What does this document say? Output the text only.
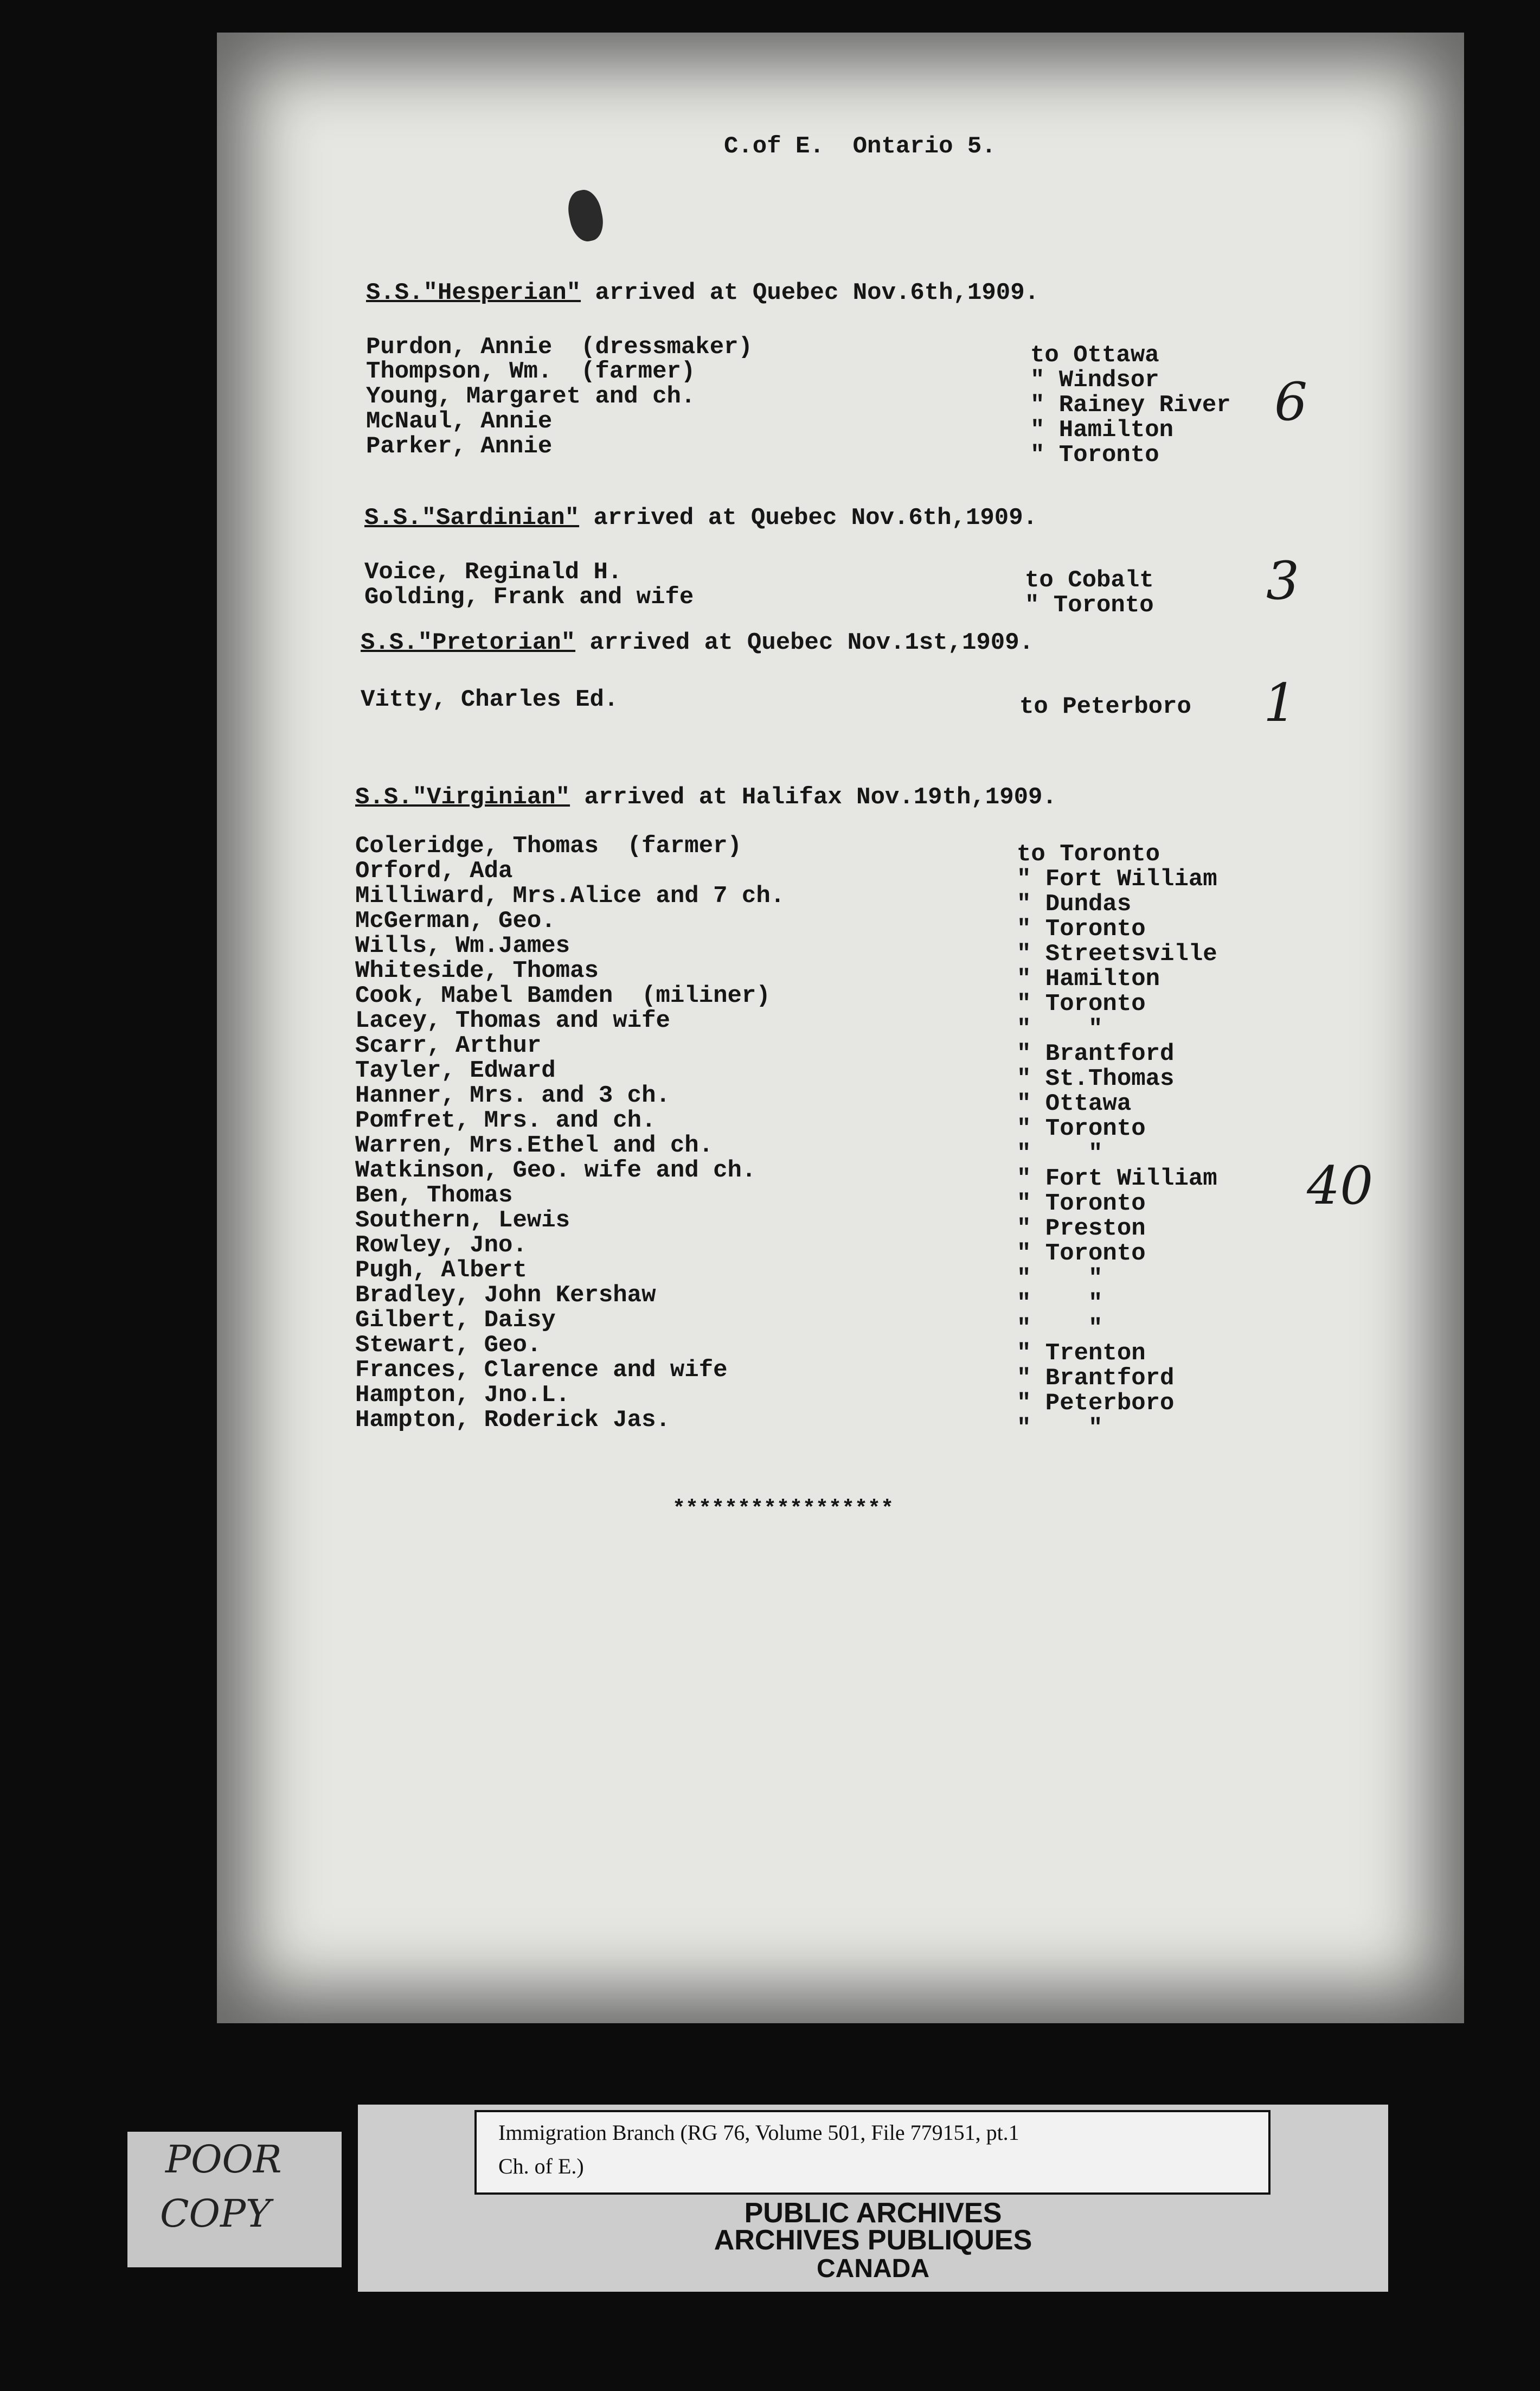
C.of E.  Ontario 5.
S.S."Hesperian" arrived at Quebec Nov.6th,1909.
Purdon, Annie  (dressmaker)	to Ottawa
Thompson, Wm.  (farmer)	" Windsor
Young, Margaret and ch.	" Rainey River
McNaul, Annie	" Hamilton
Parker, Annie	" Toronto
6
S.S."Sardinian" arrived at Quebec Nov.6th,1909.
Voice, Reginald H.	to Cobalt
Golding, Frank and wife	" Toronto 3
S.S."Pretorian" arrived at Quebec Nov.1st,1909.
Vitty, Charles Ed.	to Peterboro 1
S.S."Virginian" arrived at Halifax Nov.19th,1909.
Coleridge, Thomas  (farmer)	to Toronto
Orford, Ada	" Fort William
Milliward, Mrs.Alice and 7 ch.	" Dundas
McGerman, Geo.	" Toronto
Wills, Wm.James	" Streetsville
Whiteside, Thomas	" Hamilton
Cook, Mabel Bamden  (miliner)	" Toronto
Lacey, Thomas and wife	"    "
Scarr, Arthur	" Brantford
Tayler, Edward	" St.Thomas
Hanner, Mrs. and 3 ch.	" Ottawa
Pomfret, Mrs. and ch.	" Toronto
Warren, Mrs.Ethel and ch.	"    "
Watkinson, Geo. wife and ch.	" Fort William
Ben, Thomas	" Toronto
Southern, Lewis	" Preston
Rowley, Jno.	" Toronto
Pugh, Albert	"    "
Bradley, John Kershaw	"    "
Gilbert, Daisy	"    "
Stewart, Geo.	" Trenton
Frances, Clarence and wife	" Brantford
Hampton, Jno.L.	" Peterboro
Hampton, Roderick Jas.	"    "
40
*****************
Immigration Branch (RG 76, Volume 501, File 779151, pt.1
Ch. of E.)
PUBLIC ARCHIVES
ARCHIVES PUBLIQUES
CANADA
POOR
COPY
